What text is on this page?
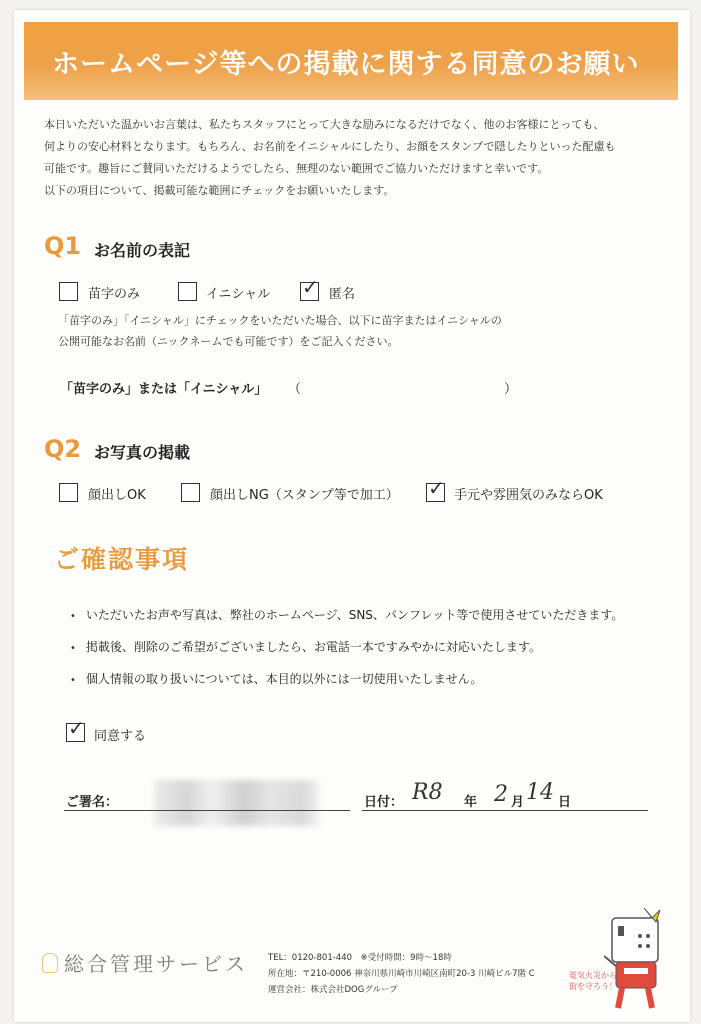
ホームページ等への掲載に関する同意のお願い
本日いただいた温かいお言葉は、私たちスタッフにとって大きな励みになるだけでなく、他のお客様にとっても、
何よりの安心材料となります。もちろん、お名前をイニシャルにしたり、お顔をスタンプで隠したりといった配慮も
可能です。趣旨にご賛同いただけるようでしたら、無理のない範囲でご協力いただけますと幸いです。
以下の項目について、掲載可能な範囲にチェックをお願いいたします。
Q1 お名前の表記
苗字のみ	イニシャル ✓ 匿名
「苗字のみ」「イニシャル」にチェックをいただいた場合、以下に苗字またはイニシャルの
公開可能なお名前（ニックネームでも可能です）をご記入ください。
「苗字のみ」または「イニシャル」 （	）
Q2 お写真の掲載
顔出しOK	顔出しNG（スタンプ等で加工） ✓ 手元や雰囲気のみならOK
ご確認事項
• いただいたお声や写真は、弊社のホームページ、SNS、パンフレット等で使用させていただきます。
• 掲載後、削除のご希望がございましたら、お電話一本ですみやかに対応いたします。
• 個人情報の取り扱いについては、本目的以外には一切使用いたしません。
✓ 同意する
ご署名：	日付： R8 年 2 月 14 日
総合管理サービス TEL：0120-801-440　※受付時間：9時〜18時
所在地：〒210-0006 神奈川県川崎市川崎区南町20-3 川崎ビル7階 C
運営会社：株式会社DOGグループ
電気火災から
街を守ろう！
